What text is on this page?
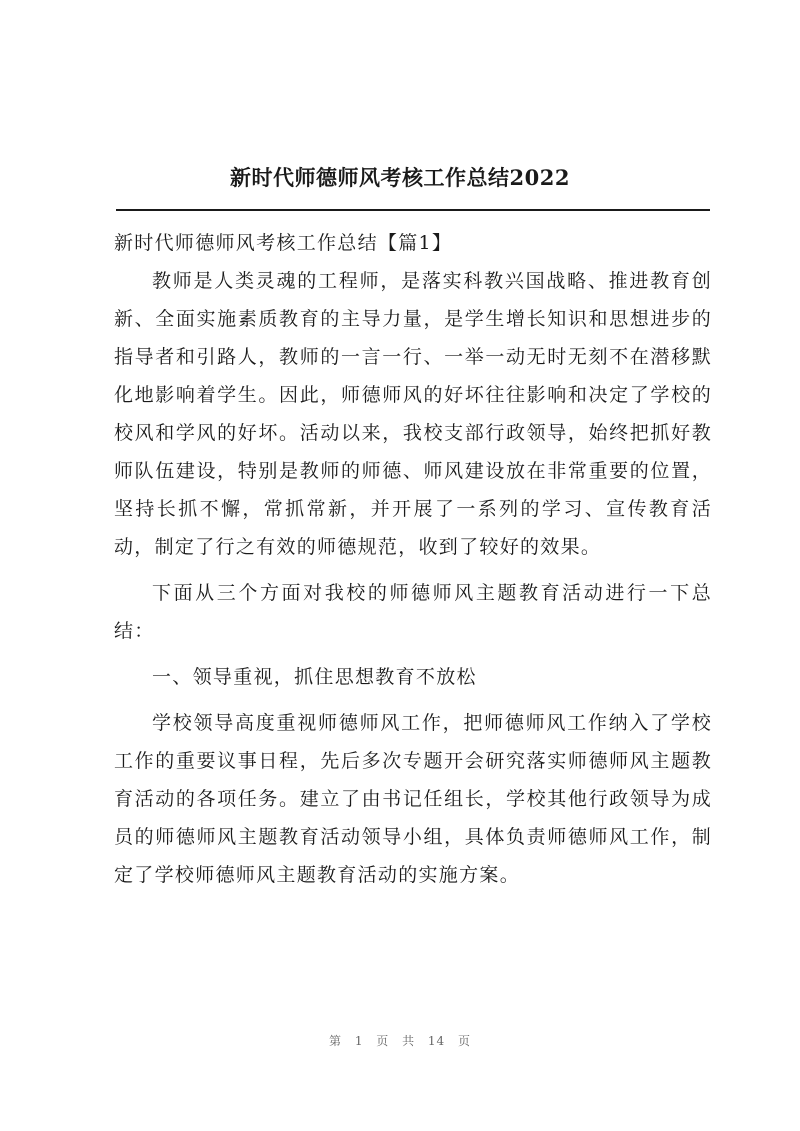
新时代师德师风考核工作总结2022

新时代师德师风考核工作总结【篇1】

教师是人类灵魂的工程师，是落实科教兴国战略、推进教育创新、全面实施素质教育的主导力量，是学生增长知识和思想进步的指导者和引路人，教师的一言一行、一举一动无时无刻不在潜移默化地影响着学生。因此，师德师风的好坏往往影响和决定了学校的校风和学风的好坏。活动以来，我校支部行政领导，始终把抓好教师队伍建设，特别是教师的师德、师风建设放在非常重要的位置，坚持长抓不懈，常抓常新，并开展了一系列的学习、宣传教育活动，制定了行之有效的师德规范，收到了较好的效果。

下面从三个方面对我校的师德师风主题教育活动进行一下总结：

一、领导重视，抓住思想教育不放松

学校领导高度重视师德师风工作，把师德师风工作纳入了学校工作的重要议事日程，先后多次专题开会研究落实师德师风主题教育活动的各项任务。建立了由书记任组长，学校其他行政领导为成员的师德师风主题教育活动领导小组，具体负责师德师风工作，制定了学校师德师风主题教育活动的实施方案。

第 1 页 共 14 页
